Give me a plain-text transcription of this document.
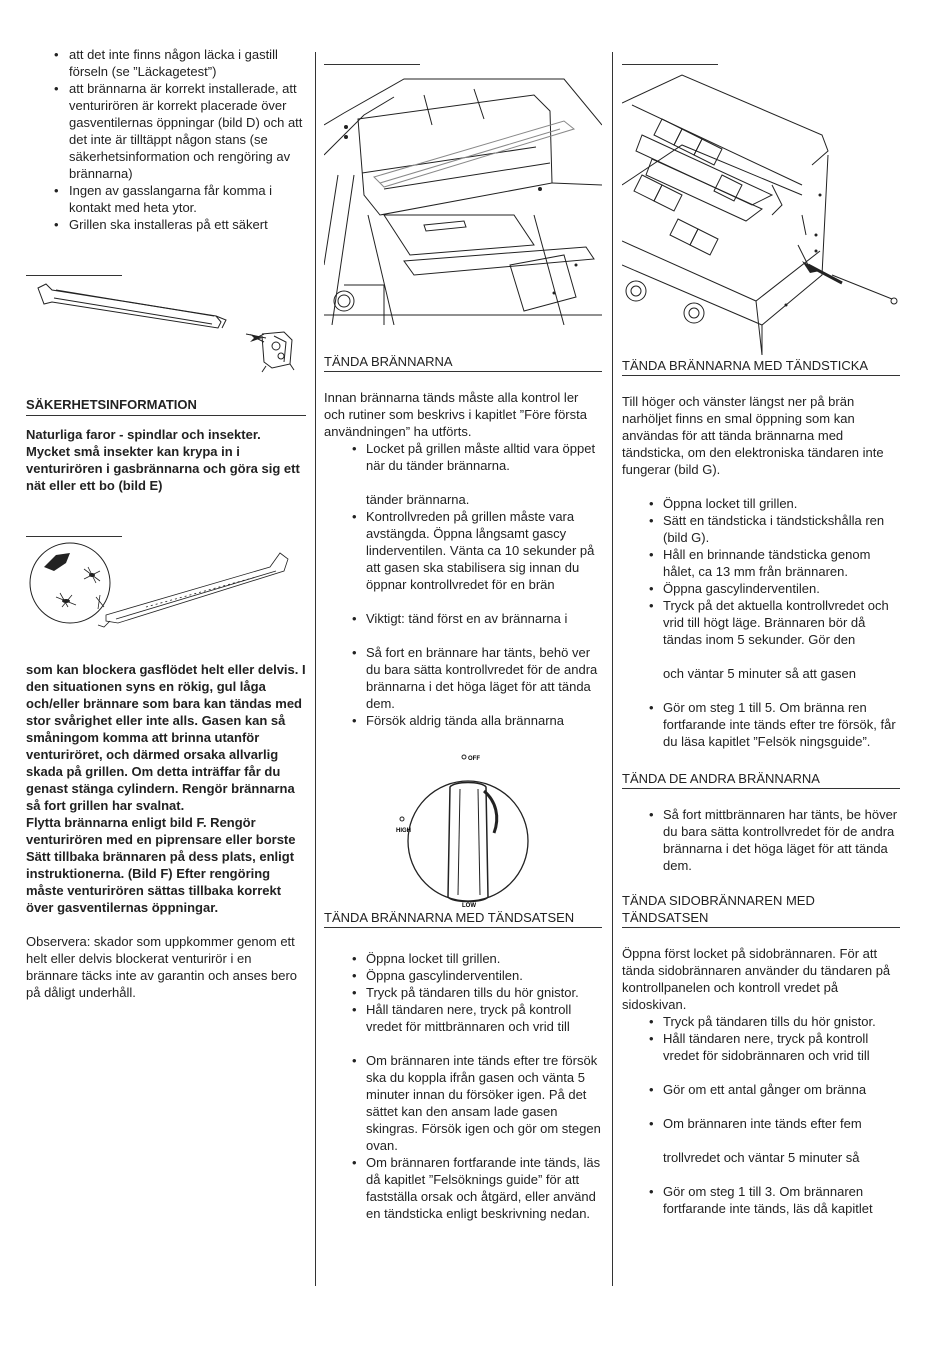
• att det inte finns någon läcka i gastill förseln (se ”Läckagetest”)
• att brännarna är korrekt installerade, att venturirören är korrekt placerade över gasventilernas öppningar (bild D) och att det inte är tilltäppt någon stans (se säkerhetsinformation och rengöring av brännarna)
• Ingen av gasslangarna får komma i kontakt med heta ytor.
• Grillen ska installeras på ett säkert
SÄKERHETSINFORMATION

Naturliga faror - spindlar och insekter. Mycket små insekter kan krypa in i venturirören i gasbrännarna och göra sig ett nät eller ett bo (bild E)

som kan blockera gasflödet helt eller delvis. I den situationen syns en rökig, gul låga och/eller brännare som bara kan tändas med stor svårighet eller inte alls. Gasen kan så småningom komma att brinna utanför venturiröret, och därmed orsaka allvarlig skada på grillen. Om detta inträffar får du genast stänga cylindern. Rengör brännarna så fort grillen har svalnat.

Flytta brännarna enligt bild F. Rengör venturirören med en piprensare eller borste Sätt tillbaka brännaren på dess plats, enligt instruktionerna. (Bild F) Efter rengöring måste venturirören sättas tillbaka korrekt över gasventilernas öppningar.

Observera: skador som uppkommer genom ett helt eller delvis blockerat venturirör i en brännare täcks inte av garantin och anses bero på dåligt underhåll.

TÄNDA BRÄNNARNA

Innan brännarna tänds måste alla kontrol ler och rutiner som beskrivs i kapitlet ”Före första användningen” ha utförts.

• Locket på grillen måste alltid vara öppet när du tänder brännarna.

tänder brännarna.

• Kontrollvreden på grillen måste vara avstängda. Öppna långsamt gascy linderventilen. Vänta ca 10 sekunder på att gasen ska stabilisera sig innan du öppnar kontrollvredet för en brän
• Viktigt: tänd först en av brännarna i
• Så fort en brännare har tänts, behö ver du bara sätta kontrollvredet för de andra brännarna i det höga läget för att tända dem.
• Försök aldrig tända alla brännarna
OFF
HIGH
LOW
TÄNDA BRÄNNARNA MED TÄNDSATSEN
• Öppna locket till grillen.
• Öppna gascylinderventilen.
• Tryck på tändaren tills du hör gnistor.
• Håll tändaren nere, tryck på kontroll vredet för mittbrännaren och vrid till
• Om brännaren inte tänds efter tre försök ska du koppla ifrån gasen och vänta 5 minuter innan du försöker igen. På det sättet kan den ansam lade gasen skingras. Försök igen och gör om stegen ovan.
• Om brännaren fortfarande inte tänds, läs då kapitlet ”Felsöknings guide” för att fastställa orsak och åtgärd, eller använd en tändsticka enligt beskrivning nedan.
TÄNDA BRÄNNARNA MED TÄNDSTICKA

Till höger och vänster längst ner på brän narhöljet finns en smal öppning som kan användas för att tända brännarna med tändsticka, om den elektroniska tändaren inte fungerar (bild G).

• Öppna locket till grillen.
• Sätt en tändsticka i tändstickshålla ren (bild G).
• Håll en brinnande tändsticka genom hålet, ca 13 mm från brännaren.
• Öppna gascylinderventilen.
• Tryck på det aktuella kontrollvredet och vrid till högt läge. Brännaren bör då tändas inom 5 sekunder. Gör den

och väntar 5 minuter så att gasen

• Gör om steg 1 till 5. Om bränna ren fortfarande inte tänds efter tre försök, får du läsa kapitlet ”Felsök ningsguide”.
TÄNDA DE ANDRA BRÄNNARNA
• Så fort mittbrännaren har tänts, be höver du bara sätta kontrollvredet för de andra brännarna i det höga läget för att tända dem.
TÄNDA SIDOBRÄNNAREN MED TÄNDSATSEN

Öppna först locket på sidobrännaren. För att tända sidobrännaren använder du tändaren på kontrollpanelen och kontroll vredet på sidoskivan.

• Tryck på tändaren tills du hör gnistor.
• Håll tändaren nere, tryck på kontroll vredet för sidobrännaren och vrid till
• Gör om ett antal gånger om bränna
• Om brännaren inte tänds efter fem

trollvredet och väntar 5 minuter så

• Gör om steg 1 till 3. Om brännaren fortfarande inte tänds, läs då kapitlet
